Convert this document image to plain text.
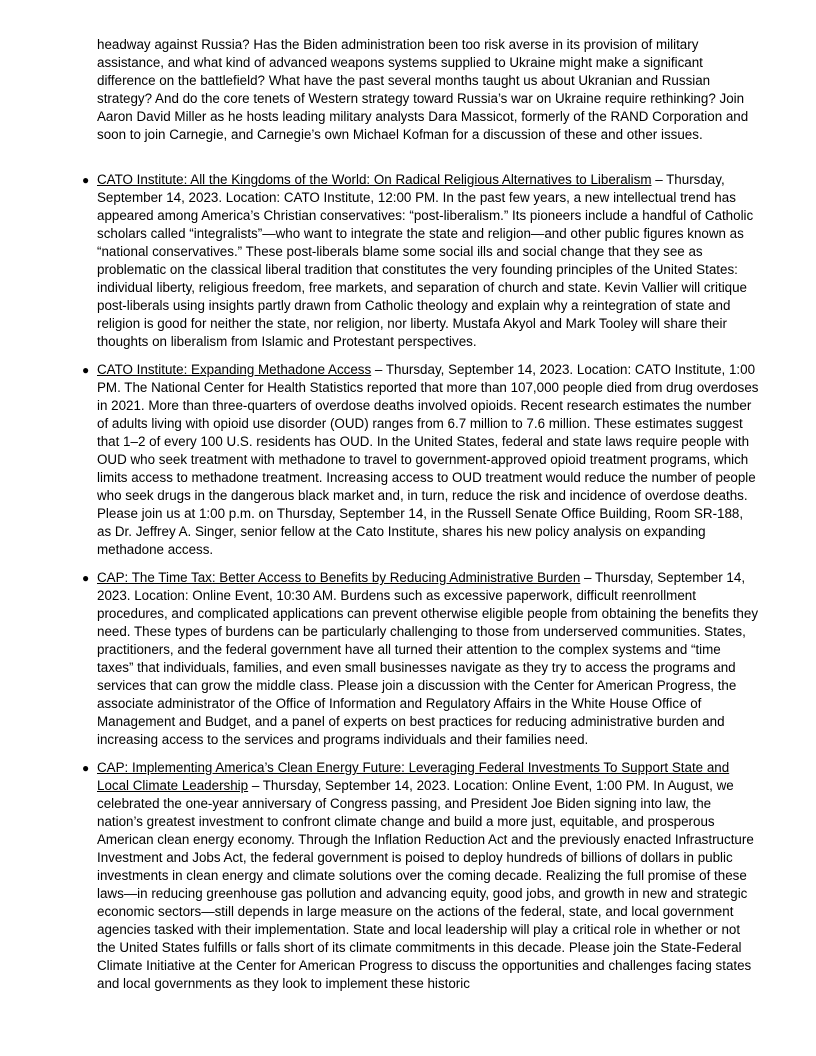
headway against Russia? Has the Biden administration been too risk averse in its provision of military assistance, and what kind of advanced weapons systems supplied to Ukraine might make a significant difference on the battlefield? What have the past several months taught us about Ukranian and Russian strategy? And do the core tenets of Western strategy toward Russia’s war on Ukraine require rethinking? Join Aaron David Miller as he hosts leading military analysts Dara Massicot, formerly of the RAND Corporation and soon to join Carnegie, and Carnegie’s own Michael Kofman for a discussion of these and other issues.

● CATO Institute: All the Kingdoms of the World: On Radical Religious Alternatives to Liberalism – Thursday, September 14, 2023. Location: CATO Institute, 12:00 PM. In the past few years, a new intellectual trend has appeared among America’s Christian conservatives: “post-liberalism.” Its pioneers include a handful of Catholic scholars called “integralists”—who want to integrate the state and religion—and other public figures known as “national conservatives.” These post-liberals blame some social ills and social change that they see as problematic on the classical liberal tradition that constitutes the very founding principles of the United States: individual liberty, religious freedom, free markets, and separation of church and state. Kevin Vallier will critique post-liberals using insights partly drawn from Catholic theology and explain why a reintegration of state and religion is good for neither the state, nor religion, nor liberty. Mustafa Akyol and Mark Tooley will share their thoughts on liberalism from Islamic and Protestant perspectives.
● CATO Institute: Expanding Methadone Access – Thursday, September 14, 2023. Location: CATO Institute, 1:00 PM. The National Center for Health Statistics reported that more than 107,000 people died from drug overdoses in 2021. More than three-quarters of overdose deaths involved opioids. Recent research estimates the number of adults living with opioid use disorder (OUD) ranges from 6.7 million to 7.6 million. These estimates suggest that 1–2 of every 100 U.S. residents has OUD. In the United States, federal and state laws require people with OUD who seek treatment with methadone to travel to government-approved opioid treatment programs, which limits access to methadone treatment. Increasing access to OUD treatment would reduce the number of people who seek drugs in the dangerous black market and, in turn, reduce the risk and incidence of overdose deaths. Please join us at 1:00 p.m. on Thursday, September 14, in the Russell Senate Office Building, Room SR-188, as Dr. Jeffrey A. Singer, senior fellow at the Cato Institute, shares his new policy analysis on expanding methadone access.
● CAP: The Time Tax: Better Access to Benefits by Reducing Administrative Burden – Thursday, September 14, 2023. Location: Online Event, 10:30 AM. Burdens such as excessive paperwork, difficult reenrollment procedures, and complicated applications can prevent otherwise eligible people from obtaining the benefits they need. These types of burdens can be particularly challenging to those from underserved communities. States, practitioners, and the federal government have all turned their attention to the complex systems and “time taxes” that individuals, families, and even small businesses navigate as they try to access the programs and services that can grow the middle class. Please join a discussion with the Center for American Progress, the associate administrator of the Office of Information and Regulatory Affairs in the White House Office of Management and Budget, and a panel of experts on best practices for reducing administrative burden and increasing access to the services and programs individuals and their families need.
● CAP: Implementing America’s Clean Energy Future: Leveraging Federal Investments To Support State and Local Climate Leadership – Thursday, September 14, 2023. Location: Online Event, 1:00 PM. In August, we celebrated the one-year anniversary of Congress passing, and President Joe Biden signing into law, the nation’s greatest investment to confront climate change and build a more just, equitable, and prosperous American clean energy economy. Through the Inflation Reduction Act and the previously enacted Infrastructure Investment and Jobs Act, the federal government is poised to deploy hundreds of billions of dollars in public investments in clean energy and climate solutions over the coming decade. Realizing the full promise of these laws—in reducing greenhouse gas pollution and advancing equity, good jobs, and growth in new and strategic economic sectors—still depends in large measure on the actions of the federal, state, and local government agencies tasked with their implementation. State and local leadership will play a critical role in whether or not the United States fulfills or falls short of its climate commitments in this decade. Please join the State-Federal Climate Initiative at the Center for American Progress to discuss the opportunities and challenges facing states and local governments as they look to implement these historic
